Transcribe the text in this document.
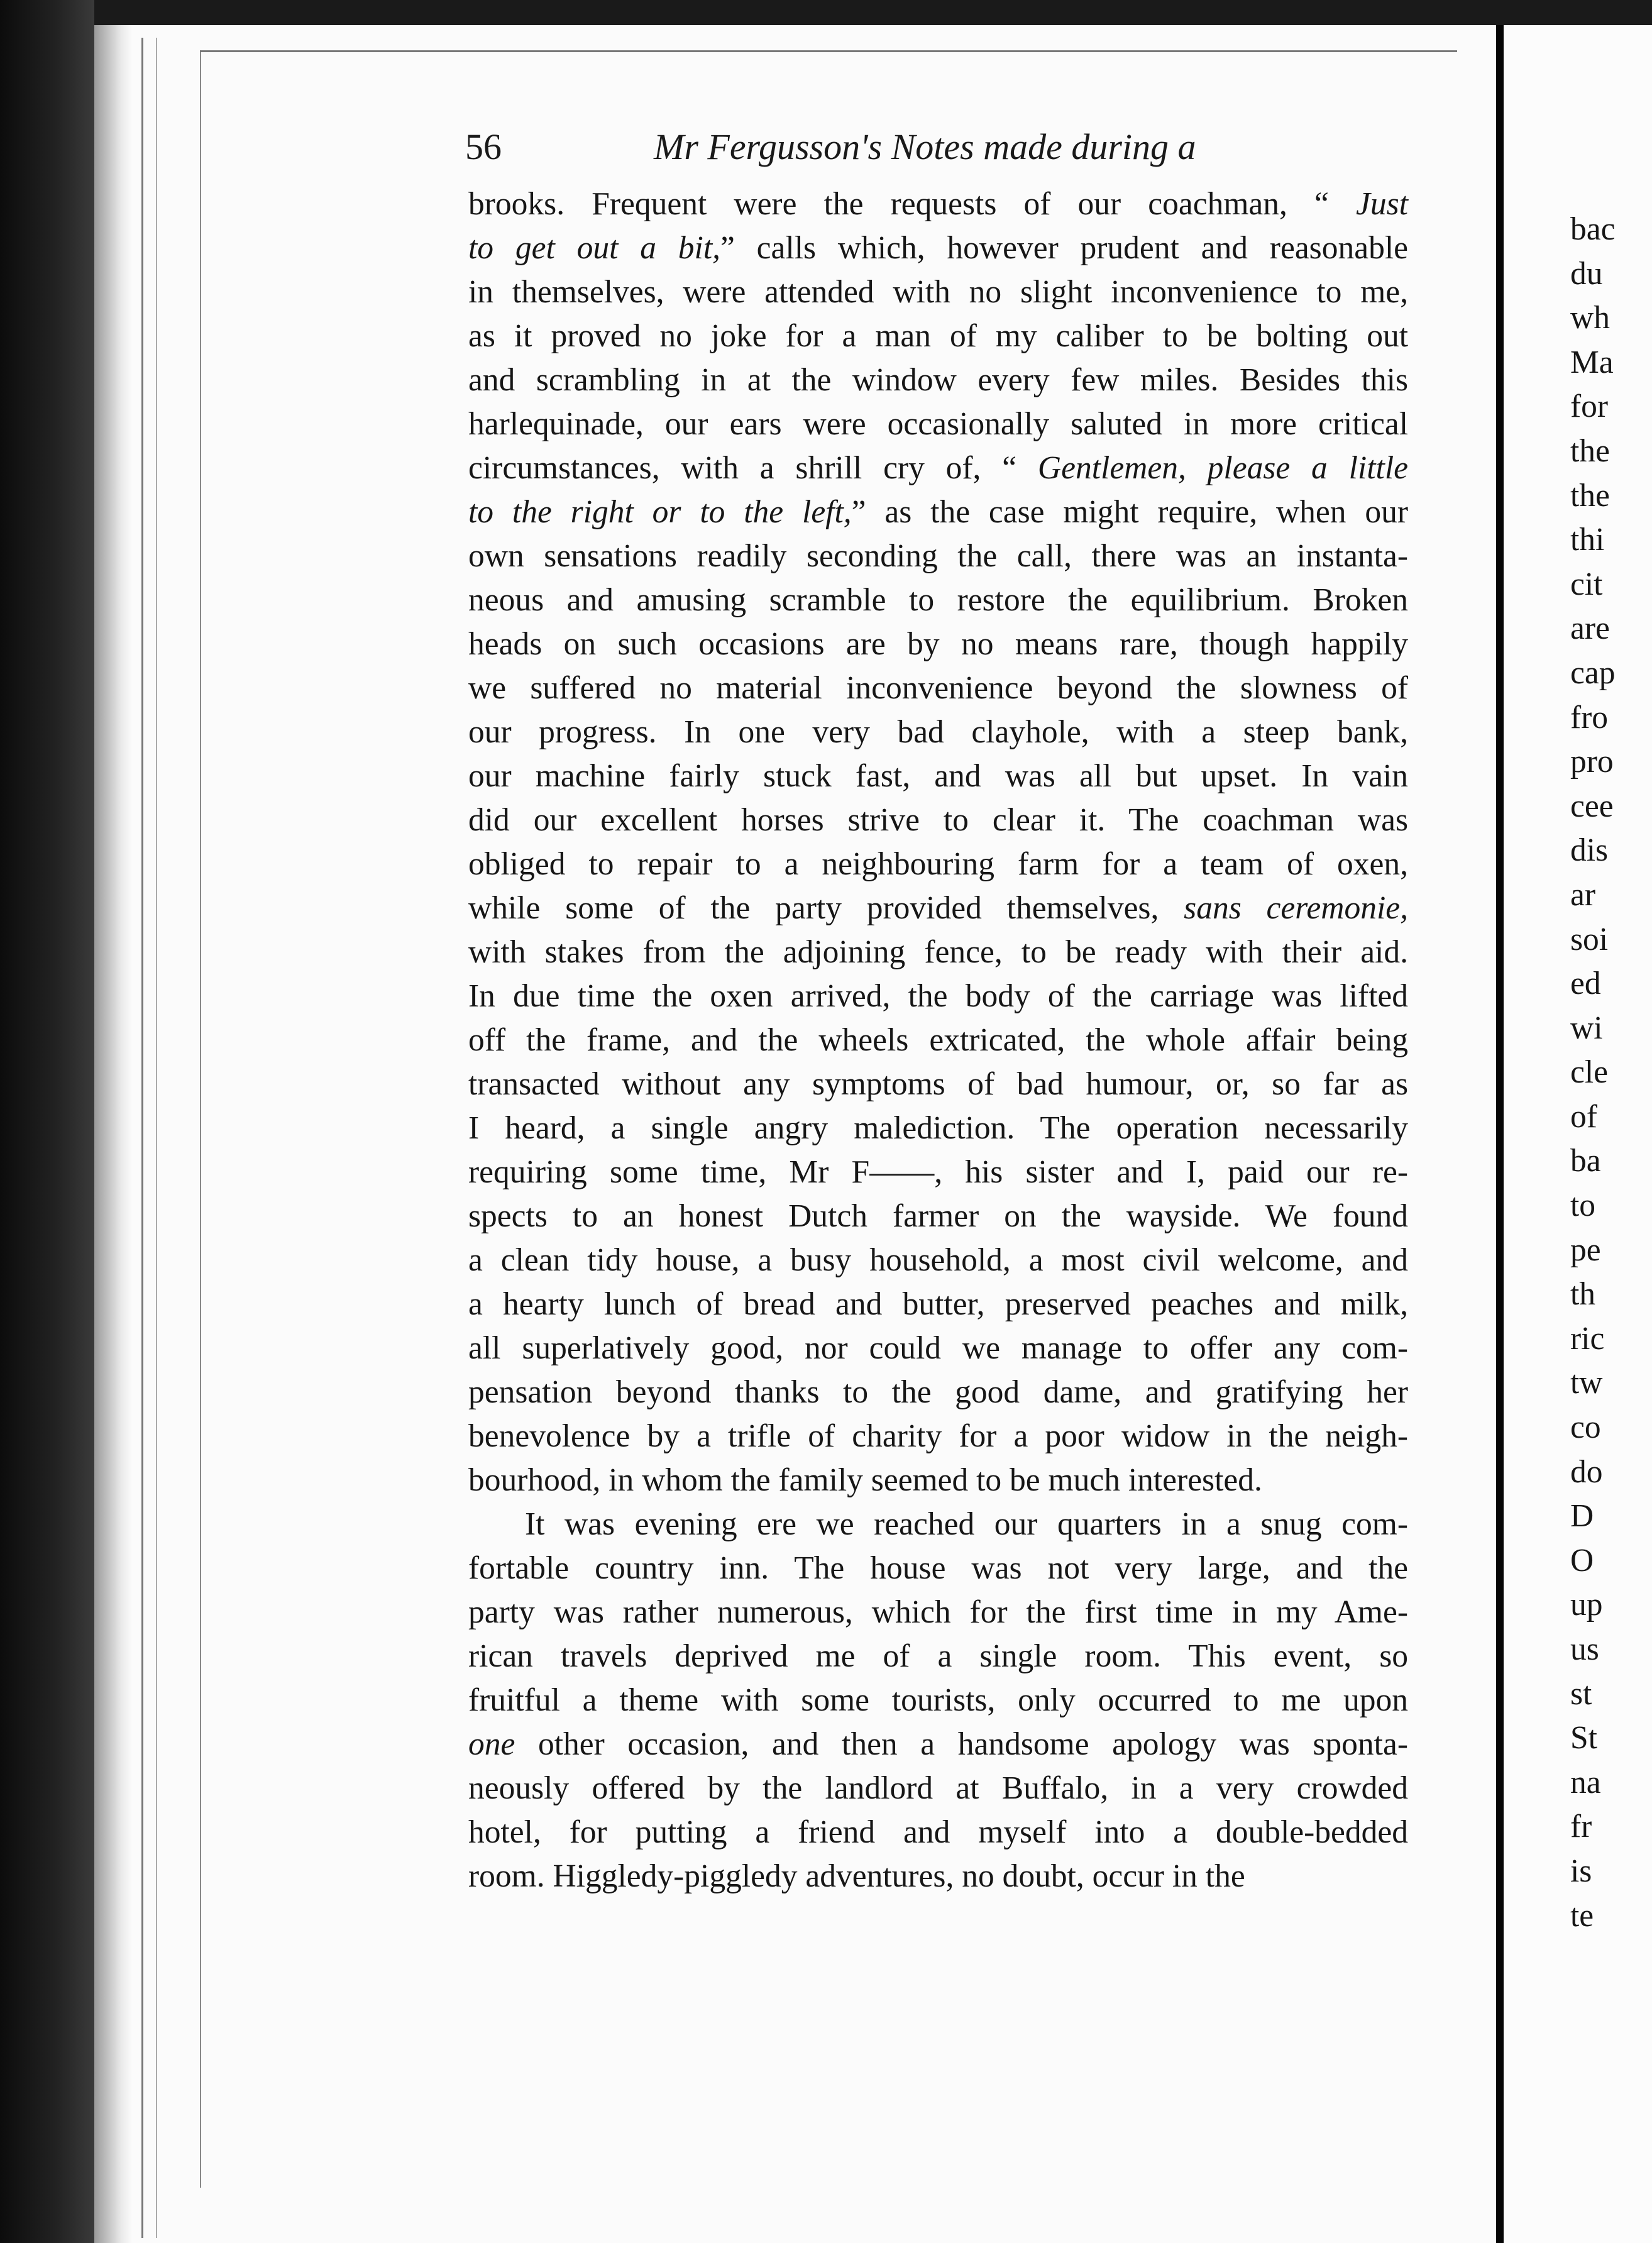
56	Mr Fergusson's Notes made during a
brooks. Frequent were the requests of our coachman, “ Just
to get out a bit,” calls which, however prudent and reasonable
in themselves, were attended with no slight inconvenience to me,
as it proved no joke for a man of my caliber to be bolting out
and scrambling in at the window every few miles. Besides this
harlequinade, our ears were occasionally saluted in more critical
circumstances, with a shrill cry of, “ Gentlemen, please a little
to the right or to the left,” as the case might require, when our
own sensations readily seconding the call, there was an instanta-
neous and amusing scramble to restore the equilibrium. Broken
heads on such occasions are by no means rare, though happily
we suffered no material inconvenience beyond the slowness of
our progress. In one very bad clayhole, with a steep bank,
our machine fairly stuck fast, and was all but upset. In vain
did our excellent horses strive to clear it. The coachman was
obliged to repair to a neighbouring farm for a team of oxen,
while some of the party provided themselves, sans ceremonie,
with stakes from the adjoining fence, to be ready with their aid.
In due time the oxen arrived, the body of the carriage was lifted
off the frame, and the wheels extricated, the whole affair being
transacted without any symptoms of bad humour, or, so far as
I heard, a single angry malediction. The operation necessarily
requiring some time, Mr F——, his sister and I, paid our re-
spects to an honest Dutch farmer on the wayside. We found
a clean tidy house, a busy household, a most civil welcome, and
a hearty lunch of bread and butter, preserved peaches and milk,
all superlatively good, nor could we manage to offer any com-
pensation beyond thanks to the good dame, and gratifying her
benevolence by a trifle of charity for a poor widow in the neigh-
bourhood, in whom the family seemed to be much interested.
It was evening ere we reached our quarters in a snug com-
fortable country inn. The house was not very large, and the
party was rather numerous, which for the first time in my Ame-
rican travels deprived me of a single room. This event, so
fruitful a theme with some tourists, only occurred to me upon
one other occasion, and then a handsome apology was sponta-
neously offered by the landlord at Buffalo, in a very crowded
hotel, for putting a friend and myself into a double-bedded
room. Higgledy-piggledy adventures, no doubt, occur in the
bac
du
wh
Ma
for
the
the
thi
cit
are
cap
fro
pro
cee
dis
ar
soi
ed
wi
cle
of
ba
to
pe
th
ric
tw
co
do
D
O
up
us
st
St
na
fr
is
te
